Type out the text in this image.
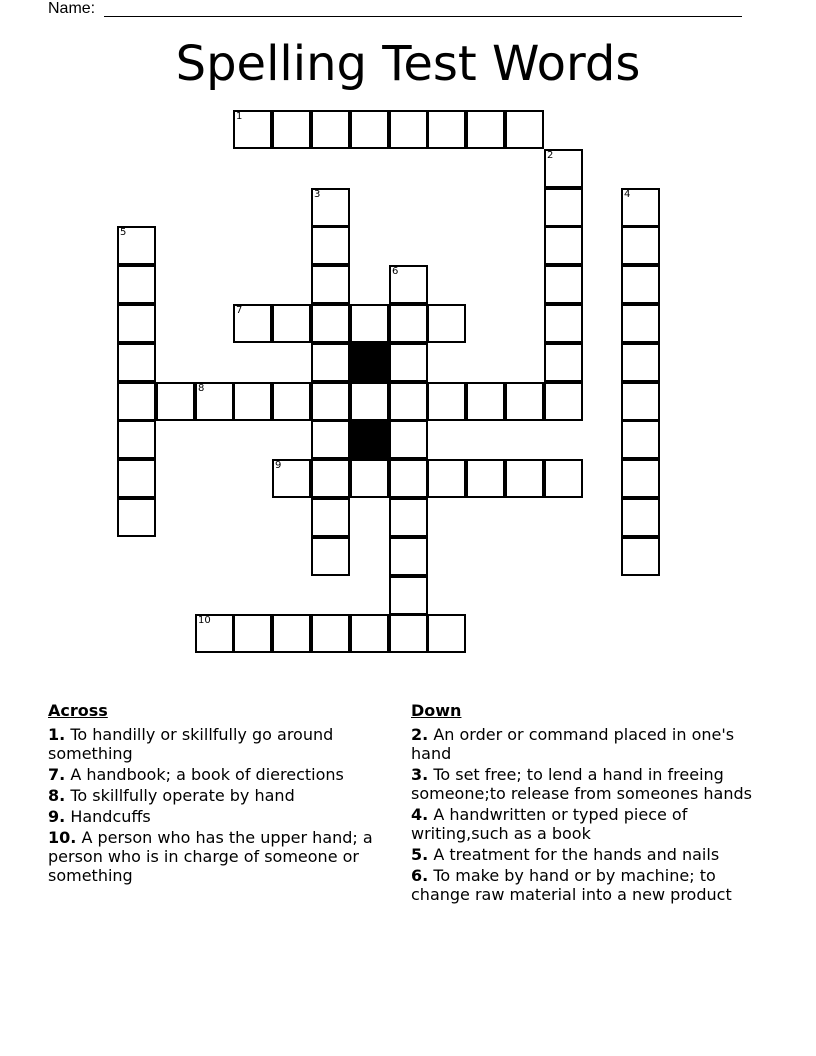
Name:
Spelling Test Words
1
2
4
3
5
6
7
8
9
10
Across
1. To handilly or skillfully go around something
7. A handbook; a book of dierections
8. To skillfully operate by hand
9. Handcuffs
10. A person who has the upper hand; a person who is in charge of someone or something
Down
2. An order or command placed in one's hand
3. To set free; to lend a hand in freeing someone;to release from someones hands
4. A handwritten or typed piece of writing,such as a book
5. A treatment for the hands and nails
6. To make by hand or by machine; to change raw material into a new product
